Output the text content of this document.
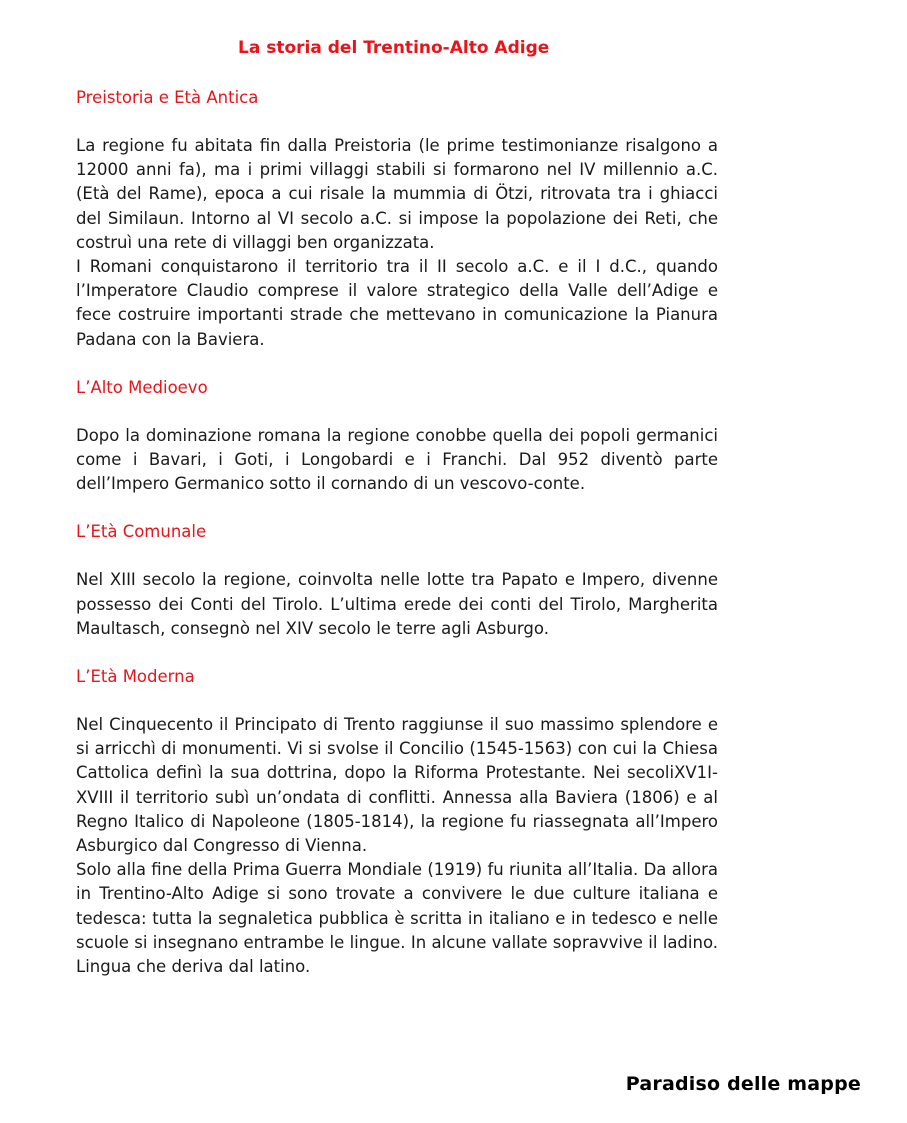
La storia del Trentino-Alto Adige
Preistoria e Età Antica

La regione fu abitata fin dalla Preistoria (le prime testimonianze risalgono a 12000 anni fa), ma i primi villaggi stabili si formarono nel IV millennio a.C. (Età del Rame), epoca a cui risale la mummia di Ötzi, ritrovata tra i ghiacci del Similaun. Intorno al VI secolo a.C. si impose la popolazione dei Reti, che costruì una rete di villaggi ben organizzata.

I Romani conquistarono il territorio tra il II secolo a.C. e il I d.C., quando l’Imperatore Claudio comprese il valore strategico della Valle dell’Adige e fece costruire importanti strade che mettevano in comunicazione la Pianura Padana con la Baviera.

L’Alto Medioevo

Dopo la dominazione romana la regione conobbe quella dei popoli germanici come i Bavari, i Goti, i Longobardi e i Franchi. Dal 952 diventò parte dell’Impero Germanico sotto il cornando di un vescovo-conte.

L’Età Comunale

Nel XIII secolo la regione, coinvolta nelle lotte tra Papato e Impero, divenne possesso dei Conti del Tirolo. L’ultima erede dei conti del Tirolo, Margherita Maultasch, consegnò nel XIV secolo le terre agli Asburgo.

L’Età Moderna

Nel Cinquecento il Principato di Trento raggiunse il suo massimo splendore e si arricchì di monumenti. Vi si svolse il Concilio (1545-1563) con cui la Chiesa Cattolica definì la sua dottrina, dopo la Riforma Protestante. Nei secoliXV1I-XVIII il territorio subì un’ondata di conflitti. Annessa alla Baviera (1806) e al Regno Italico di Napoleone (1805-1814), la regione fu riassegnata all’Impero Asburgico dal Congresso di Vienna.

Solo alla fine della Prima Guerra Mondiale (1919) fu riunita all’Italia. Da allora in Trentino-Alto Adige si sono trovate a convivere le due culture italiana e tedesca: tutta la segnaletica pubblica è scritta in italiano e in tedesco e nelle scuole si insegnano entrambe le lingue. In alcune vallate sopravvive il ladino. Lingua che deriva dal latino.

Paradiso delle mappe
